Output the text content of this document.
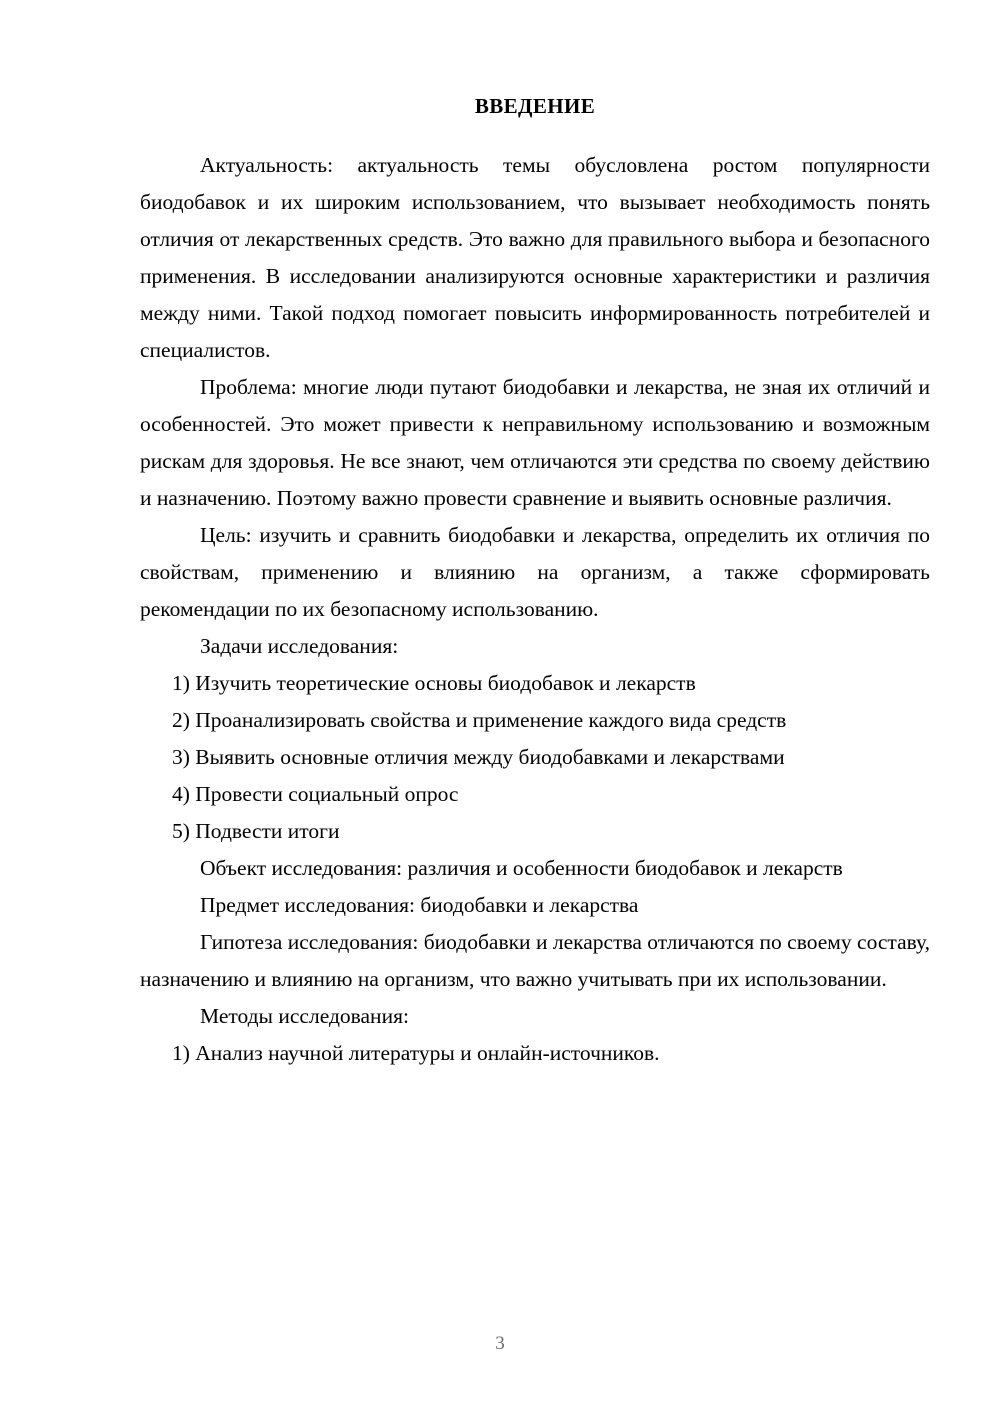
ВВЕДЕНИЕ

Актуальность: актуальность темы обусловлена ростом популярности биодобавок и их широким использованием, что вызывает необходимость понять отличия от лекарственных средств. Это важно для правильного выбора и безопасного применения. В исследовании анализируются основные характеристики и различия между ними. Такой подход помогает повысить информированность потребителей и специалистов.

Проблема: многие люди путают биодобавки и лекарства, не зная их отличий и особенностей. Это может привести к неправильному использованию и возможным рискам для здоровья. Не все знают, чем отличаются эти средства по своему действию и назначению. Поэтому важно провести сравнение и выявить основные различия.

Цель: изучить и сравнить биодобавки и лекарства, определить их отличия по свойствам, применению и влиянию на организм, а также сформировать рекомендации по их безопасному использованию.

Задачи исследования:

1) Изучить теоретические основы биодобавок и лекарств
2) Проанализировать свойства и применение каждого вида средств
3) Выявить основные отличия между биодобавками и лекарствами
4) Провести социальный опрос
5) Подвести итоги

Объект исследования: различия и особенности биодобавок и лекарств

Предмет исследования: биодобавки и лекарства

Гипотеза исследования: биодобавки и лекарства отличаются по своему составу, назначению и влиянию на организм, что важно учитывать при их использовании.

Методы исследования:

1) Анализ научной литературы и онлайн-источников.
3
